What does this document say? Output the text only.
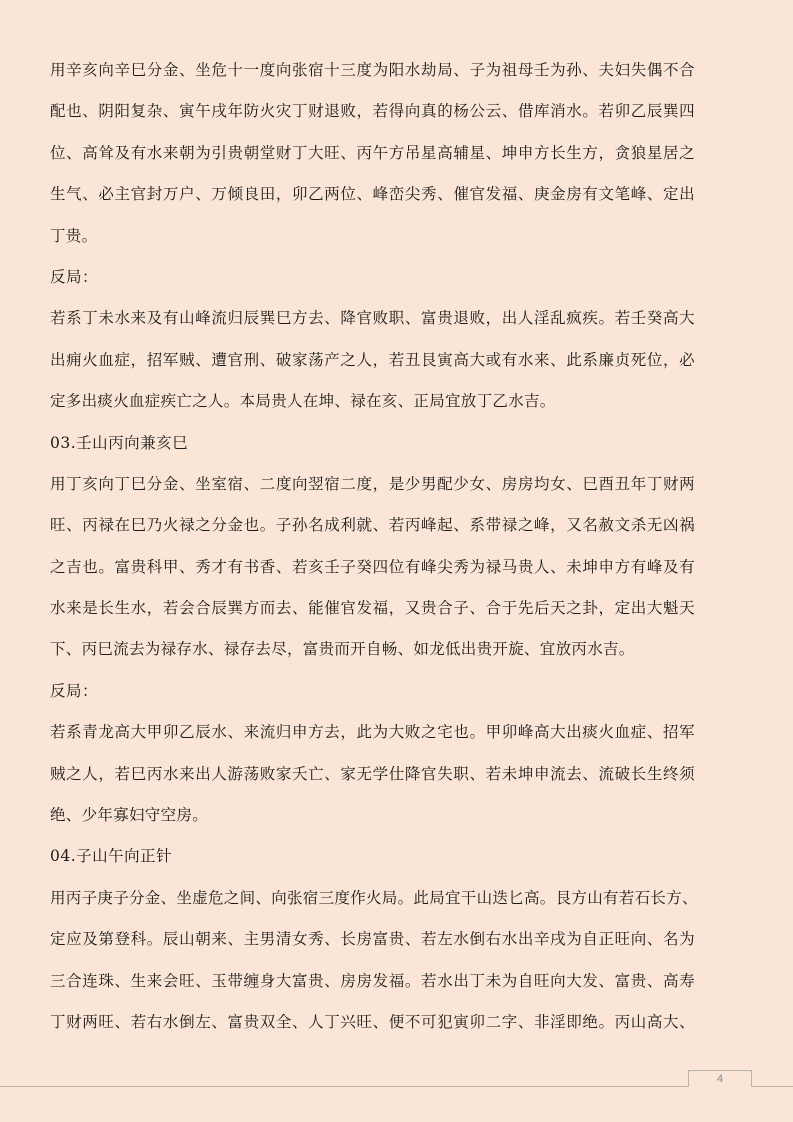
用辛亥向辛巳分金、坐危十一度向张宿十三度为阳水劫局、子为祖母壬为孙、夫妇失偶不合
配也、阴阳复杂、寅午戌年防火灾丁财退败，若得向真的杨公云、借库消水。若卯乙辰巽四
位、高耸及有水来朝为引贵朝堂财丁大旺、丙午方吊星高辅星、坤申方长生方，贪狼星居之
生气、必主官封万户、万倾良田，卯乙两位、峰峦尖秀、催官发福、庚金房有文笔峰、定出
丁贵。
反局：
若系丁未水来及有山峰流归辰巽巳方去、降官败职、富贵退败，出人淫乱疯疾。若壬癸高大
出痈火血症，招军贼、遭官刑、破家荡产之人，若丑艮寅高大或有水来、此系廉贞死位，必
定多出痰火血症疾亡之人。本局贵人在坤、禄在亥、正局宜放丁乙水吉。
03.壬山丙向兼亥巳
用丁亥向丁巳分金、坐室宿、二度向翌宿二度，是少男配少女、房房均女、巳酉丑年丁财两
旺、丙禄在巳乃火禄之分金也。子孙名成利就、若丙峰起、系带禄之峰，又名赦文杀无凶祸
之吉也。富贵科甲、秀才有书香、若亥壬子癸四位有峰尖秀为禄马贵人、未坤申方有峰及有
水来是长生水，若会合辰巽方而去、能催官发福，又贵合子、合于先后天之卦，定出大魁天
下、丙巳流去为禄存水、禄存去尽，富贵而开自畅、如龙低出贵开旋、宜放丙水吉。
反局：
若系青龙高大甲卯乙辰水、来流归申方去，此为大败之宅也。甲卯峰高大出痰火血症、招军
贼之人，若巳丙水来出人游荡败家夭亡、家无学仕降官失职、若未坤申流去、流破长生终须
绝、少年寡妇守空房。
04.子山午向正针
用丙子庚子分金、坐虚危之间、向张宿三度作火局。此局宜干山迭匕高。艮方山有若石长方、
定应及第登科。辰山朝来、主男清女秀、长房富贵、若左水倒右水出辛戌为自正旺向、名为
三合连珠、生来会旺、玉带缠身大富贵、房房发福。若水出丁未为自旺向大发、富贵、高寿
丁财两旺、若右水倒左、富贵双全、人丁兴旺、便不可犯寅卯二字、非淫即绝。丙山高大、
4
